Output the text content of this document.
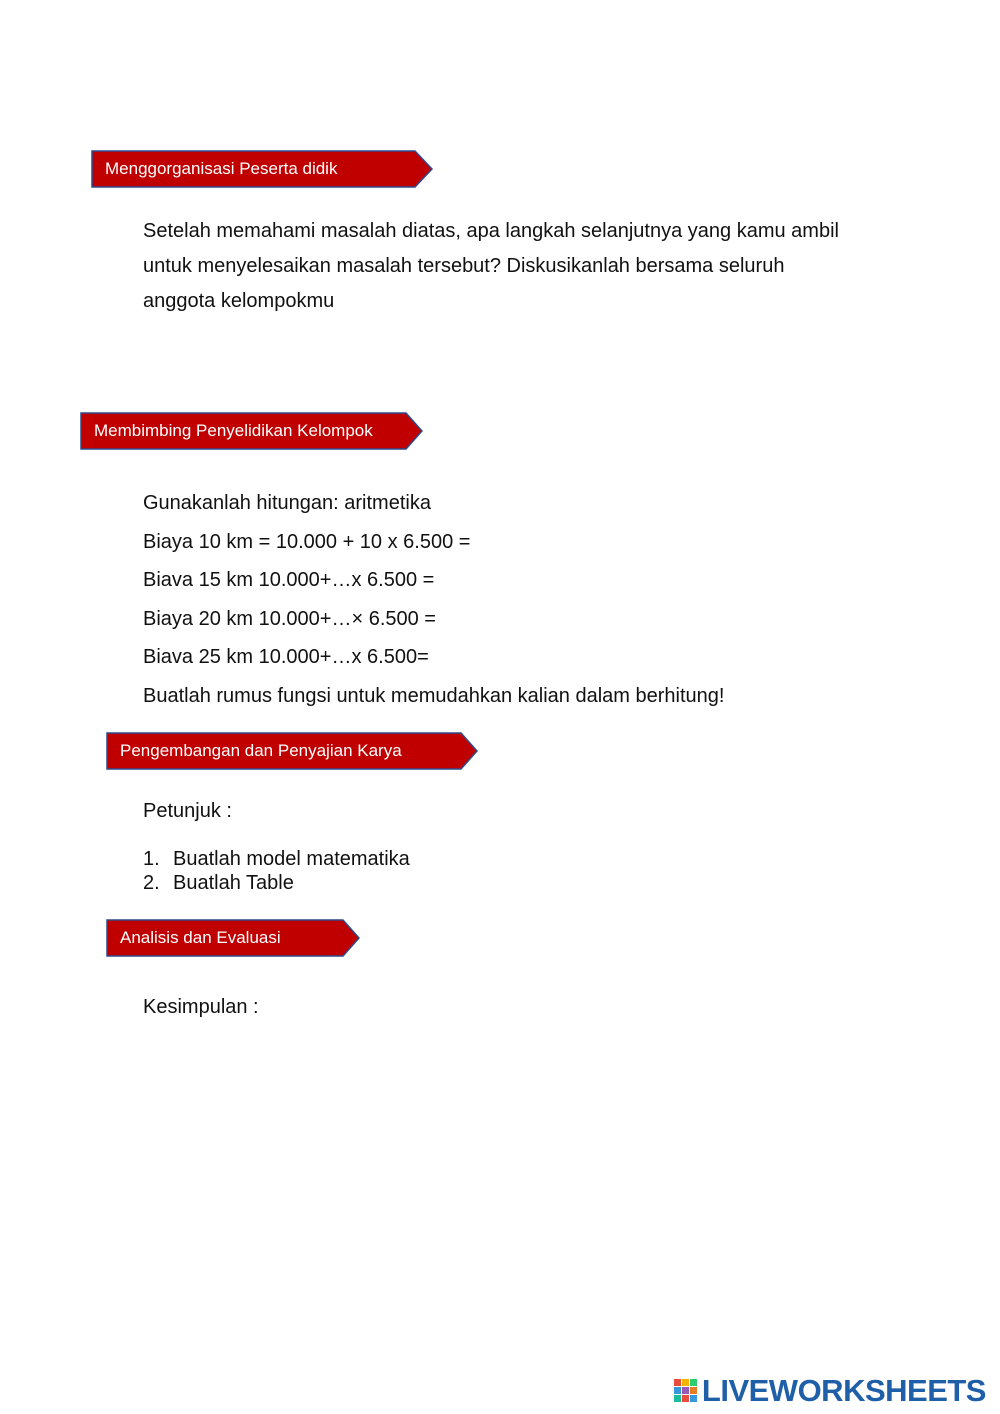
Menggorganisasi Peserta didik

Setelah memahami masalah diatas, apa langkah selanjutnya yang kamu ambil untuk menyelesaikan masalah tersebut? Diskusikanlah bersama seluruh anggota kelompokmu

Membimbing Penyelidikan Kelompok
Gunakanlah hitungan: aritmetika
Biaya 10 km = 10.000 + 10 x 6.500 =
Biava 15 km 10.000+…x 6.500 =
Biaya 20 km 10.000+…× 6.500 =
Biava 25 km 10.000+…x 6.500=
Buatlah rumus fungsi untuk memudahkan kalian dalam berhitung!
Pengembangan dan Penyajian Karya
Petunjuk :
1. Buatlah model matematika
2. Buatlah Table
Analisis dan Evaluasi
Kesimpulan :
LIVEWORKSHEETS
